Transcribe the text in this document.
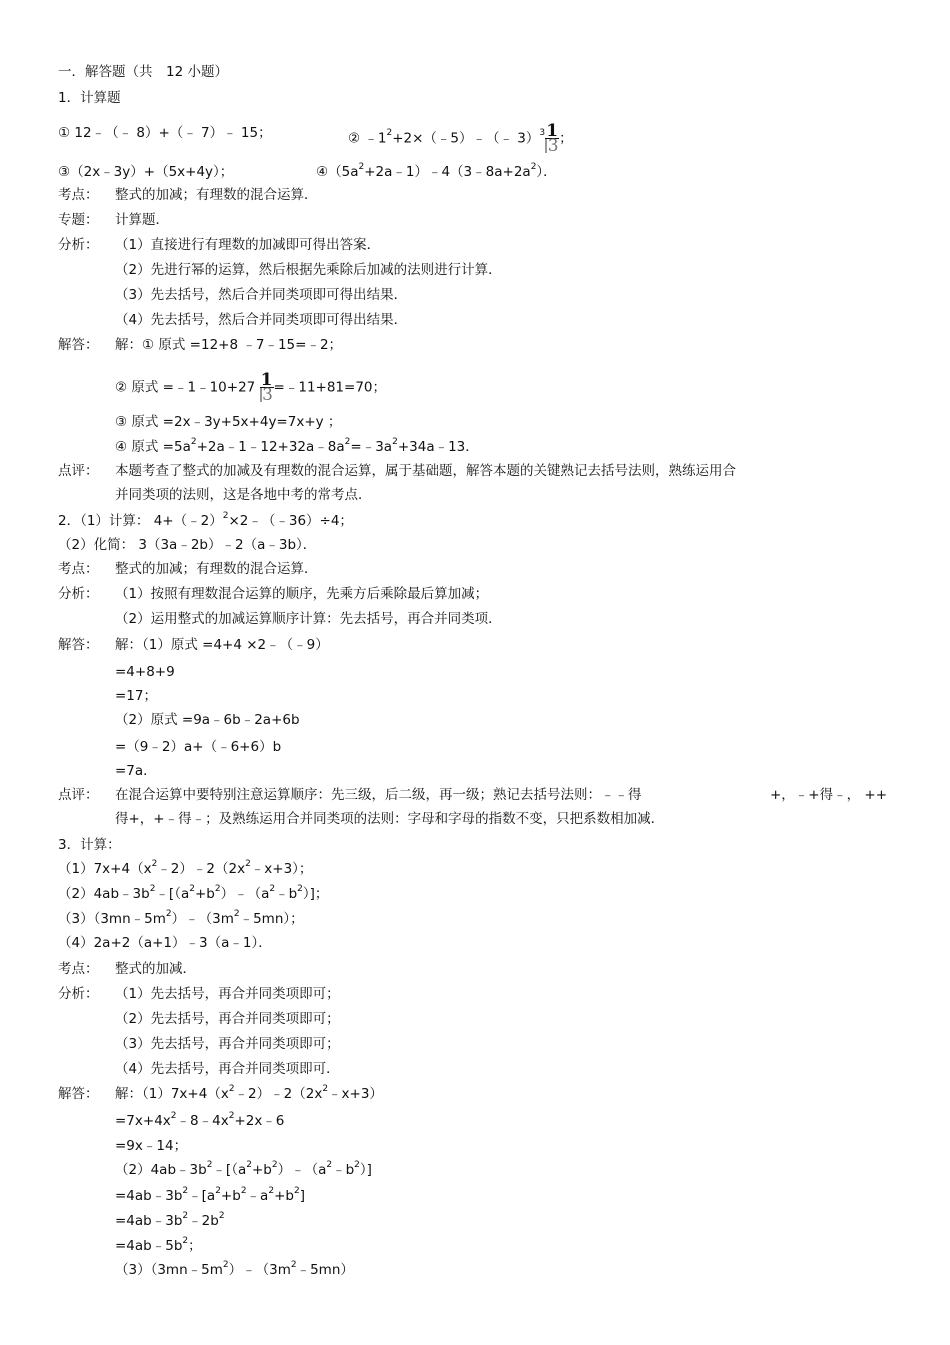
一．解答题（共　12 小题）
1．计算题
① 12﹣（﹣ 8）+（﹣ 7）﹣ 15；	② $﹣1^2+2\times(﹣5)﹣(﹣$ $3)^3 \frac{1}{3}$ ；
③（2x﹣3y）+（5x+4y）；	$④(5a^2+2a﹣1)﹣4(3﹣8a+2a^2)$．
考点： 整式的加减；有理数的混合运算．
专题： 计算题．
分析： （1）直接进行有理数的加减即可得出答案．
（2）先进行幂的运算，然后根据先乘除后加减的法则进行计算．
（3）先去括号，然后合并同类项即可得出结果．
（4）先去括号，然后合并同类项即可得出结果．
解答： 解：① 原式 =12+8 ﹣7﹣15=﹣2；
② 原式 =﹣1﹣10+27 $\frac{1}{3}$ =﹣11+81=70；
③ 原式 =2x﹣3y+5x+4y=7x+y ；
④ 原式 $=5a^2+2a﹣1﹣12+32a﹣8a^2=﹣3a^2+34a﹣13$．
点评： 本题考查了整式的加减及有理数的混合运算，属于基础题，解答本题的关键熟记去括号法则，熟练运用合
并同类项的法则，这是各地中考的常考点．
2．（1）计算： 4+（﹣2）$^2$×2﹣（﹣36）÷4；
（2）化简： 3（3a﹣2b）﹣2（a﹣3b）．
考点： 整式的加减；有理数的混合运算．
分析： （1）按照有理数混合运算的顺序，先乘方后乘除最后算加减；
（2）运用整式的加减运算顺序计算：先去括号，再合并同类项．
解答： 解：（1）原式 =4+4 ×2﹣（﹣9）
=4+8+9
=17；
（2）原式 =9a﹣6b﹣2a+6b
=（9﹣2）a+（﹣6+6）b
=7a．
点评： 在混合运算中要特别注意运算顺序：先三级，后二级，再一级；熟记去括号法则：﹣﹣得	+，﹣+得﹣， ++
得+，+﹣得﹣；及熟练运用合并同类项的法则：字母和字母的指数不变，只把系数相加减．
3．计算：
$(1)7x+4(x^2﹣2)﹣2(2x^2﹣x+3)$；
$(2)4ab﹣3b^2﹣[(a^2+b^2)﹣(a^2﹣b^2)]$；
$(3)(3mn﹣5m^2)﹣(3m^2﹣5mn)$；
（4）2a+2（a+1）﹣3（a﹣1）．
考点： 整式的加减．
分析： （1）先去括号，再合并同类项即可；
（2）先去括号，再合并同类项即可；
（3）先去括号，再合并同类项即可；
（4）先去括号，再合并同类项即可．
解答： 解：$(1)7x+4(x^2﹣2)﹣2(2x^2﹣x+3)$
$=7x+4x^2﹣8﹣4x^2+2x﹣6$
=9x﹣14；
$(2)4ab﹣3b^2﹣[(a^2+b^2)﹣(a^2﹣b^2)]$
$=4ab﹣3b^2﹣[a^2+b^2﹣a^2+b^2]$
$=4ab﹣3b^2﹣2b^2$
$=4ab﹣5b^2$；
$(3)(3mn﹣5m^2)﹣(3m^2﹣5mn)$
